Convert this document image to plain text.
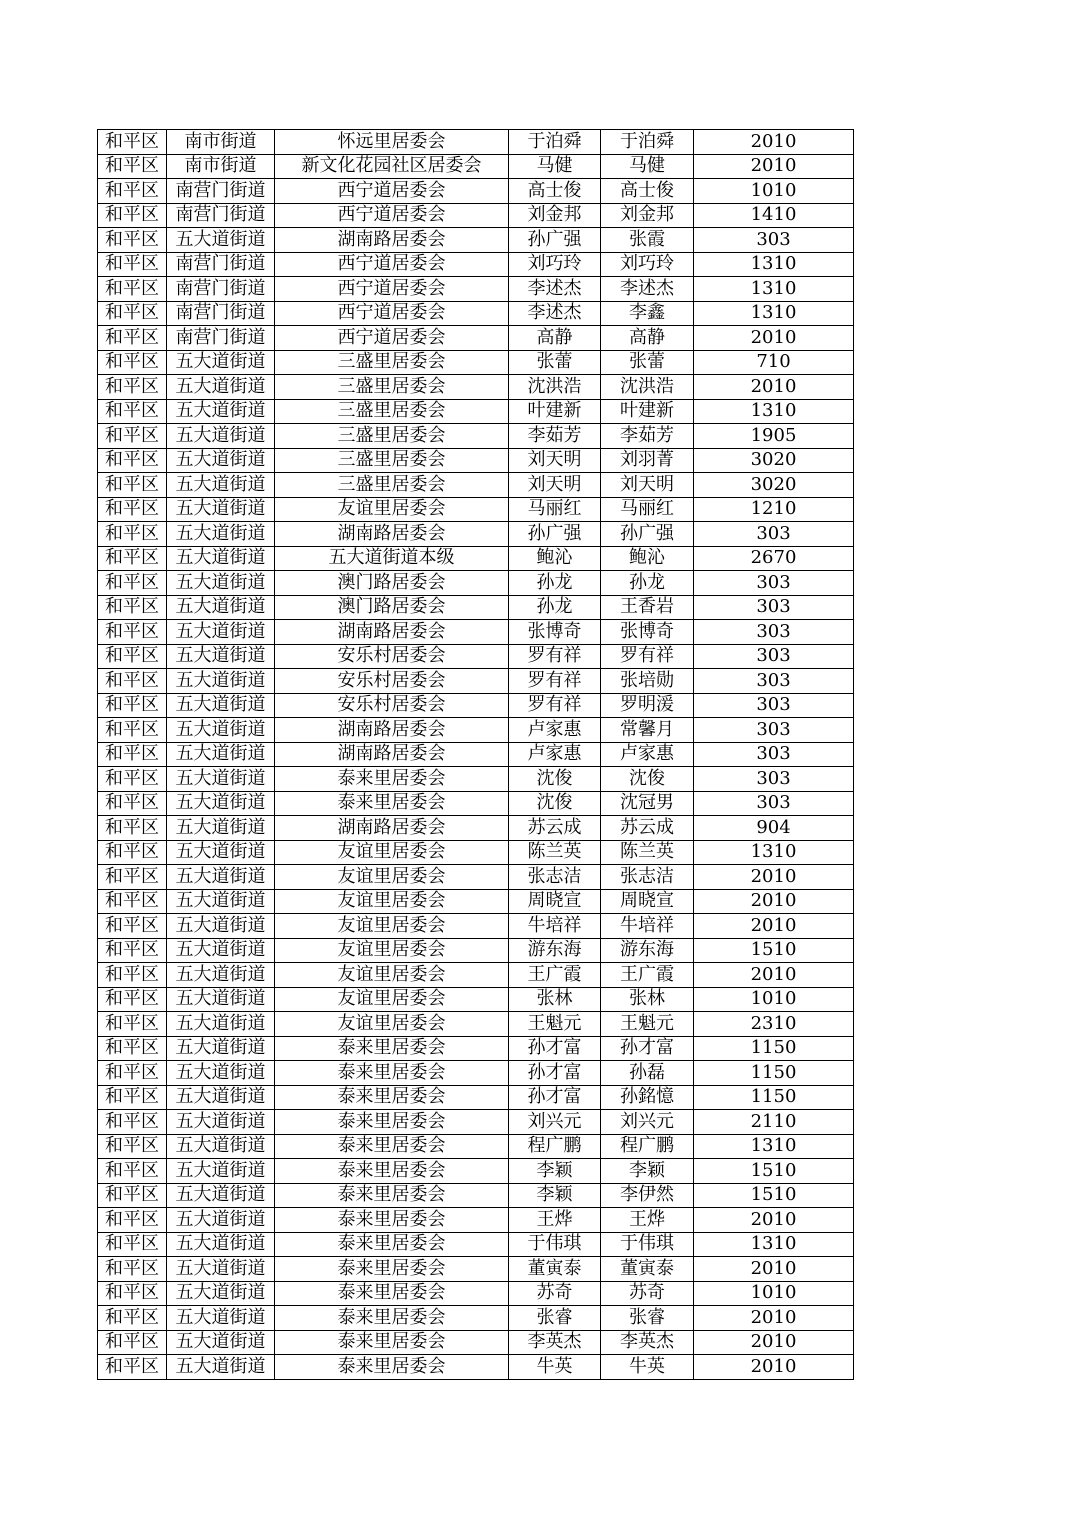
和平区	南市街道	怀远里居委会	于泊舜	于泊舜	2010
和平区	南市街道	新文化花园社区居委会	马健	马健	2010
和平区	南营门街道	西宁道居委会	高士俊	高士俊	1010
和平区	南营门街道	西宁道居委会	刘金邦	刘金邦	1410
和平区	五大道街道	湖南路居委会	孙广强	张霞	303
和平区	南营门街道	西宁道居委会	刘巧玲	刘巧玲	1310
和平区	南营门街道	西宁道居委会	李述杰	李述杰	1310
和平区	南营门街道	西宁道居委会	李述杰	李鑫	1310
和平区	南营门街道	西宁道居委会	高静	高静	2010
和平区	五大道街道	三盛里居委会	张蕾	张蕾	710
和平区	五大道街道	三盛里居委会	沈洪浩	沈洪浩	2010
和平区	五大道街道	三盛里居委会	叶建新	叶建新	1310
和平区	五大道街道	三盛里居委会	李茹芳	李茹芳	1905
和平区	五大道街道	三盛里居委会	刘天明	刘羽菁	3020
和平区	五大道街道	三盛里居委会	刘天明	刘天明	3020
和平区	五大道街道	友谊里居委会	马丽红	马丽红	1210
和平区	五大道街道	湖南路居委会	孙广强	孙广强	303
和平区	五大道街道	五大道街道本级	鲍沁	鲍沁	2670
和平区	五大道街道	澳门路居委会	孙龙	孙龙	303
和平区	五大道街道	澳门路居委会	孙龙	王香岩	303
和平区	五大道街道	湖南路居委会	张博奇	张博奇	303
和平区	五大道街道	安乐村居委会	罗有祥	罗有祥	303
和平区	五大道街道	安乐村居委会	罗有祥	张培勋	303
和平区	五大道街道	安乐村居委会	罗有祥	罗明湲	303
和平区	五大道街道	湖南路居委会	卢家惠	常馨月	303
和平区	五大道街道	湖南路居委会	卢家惠	卢家惠	303
和平区	五大道街道	泰来里居委会	沈俊	沈俊	303
和平区	五大道街道	泰来里居委会	沈俊	沈冠男	303
和平区	五大道街道	湖南路居委会	苏云成	苏云成	904
和平区	五大道街道	友谊里居委会	陈兰英	陈兰英	1310
和平区	五大道街道	友谊里居委会	张志洁	张志洁	2010
和平区	五大道街道	友谊里居委会	周晓宣	周晓宣	2010
和平区	五大道街道	友谊里居委会	牛培祥	牛培祥	2010
和平区	五大道街道	友谊里居委会	游东海	游东海	1510
和平区	五大道街道	友谊里居委会	王广霞	王广霞	2010
和平区	五大道街道	友谊里居委会	张林	张林	1010
和平区	五大道街道	友谊里居委会	王魁元	王魁元	2310
和平区	五大道街道	泰来里居委会	孙才富	孙才富	1150
和平区	五大道街道	泰来里居委会	孙才富	孙磊	1150
和平区	五大道街道	泰来里居委会	孙才富	孙銘憶	1150
和平区	五大道街道	泰来里居委会	刘兴元	刘兴元	2110
和平区	五大道街道	泰来里居委会	程广鹏	程广鹏	1310
和平区	五大道街道	泰来里居委会	李颖	李颖	1510
和平区	五大道街道	泰来里居委会	李颖	李伊然	1510
和平区	五大道街道	泰来里居委会	王烨	王烨	2010
和平区	五大道街道	泰来里居委会	于伟琪	于伟琪	1310
和平区	五大道街道	泰来里居委会	董寅泰	董寅泰	2010
和平区	五大道街道	泰来里居委会	苏奇	苏奇	1010
和平区	五大道街道	泰来里居委会	张睿	张睿	2010
和平区	五大道街道	泰来里居委会	李英杰	李英杰	2010
和平区	五大道街道	泰来里居委会	牛英	牛英	2010
